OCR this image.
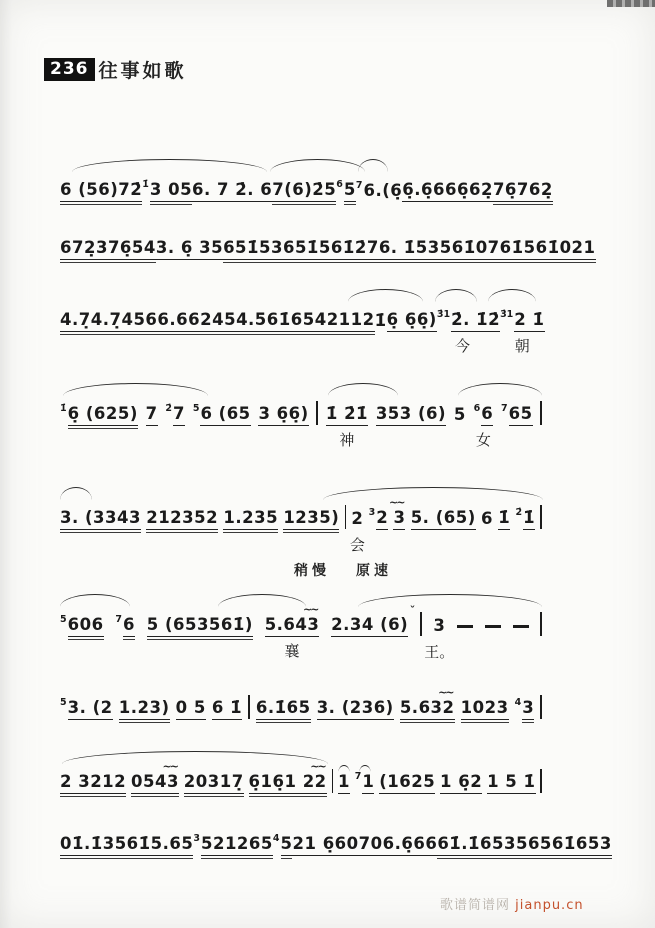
236 往事如歌
稍慢 原速
6 (56)72̇ $^{1̇}$3 05 6. 7 2̇. 6 7(6)2̇5 $^6$5 $^7$6.(6̣ 6̣.6̣66 6̣62̣ 76̣762̣
672̣3 76̣54 3. 6̣ 35 651̇53 651̇56 1̇2̇76. 1̇ 53561̇07 61̇561̇021
4.7̣4.7̣45 66.66245 4.561̇654 2112 1̇ 6̣ 6̣6̣) $^{3̇1}$2̇. 1̇
今
2̇ $^{3̇1}$2 1̇
朝
$^{1̇}$6̣ (625) 7 $^{2̇}$7 $^5$6 (65 3 6̣6̣) 1̇ 2̇1̇
神
353 (6) 5 $^6$6
女
$^7$65
3. (3343 212352 1.235 1235) 2
会
$^3$2 3
~~
5. (65) 6 1̇ $^{2̇}$1̇
$^5$606 $^7$6 5 (653561̇) 5.643
~~
襄
2.34 (6)
ˇ
3
王。
$^5$3. (2 1.23) 0 5 6 1̇ 6.1̇65 3. (236) 5.632
~~
1023 $^4$3
2 3212 0543
~~
20317̣ 6̣16̣1 22
~~
1 $^7$1 (1625 1 6̣2 1 5 1̇
01̇.1̇3561̇ 5.65 $^3$5 21265 $^4$5 21 6̣ 6070 6.6̣66 61̇.1̇6535 6561̇653
歌谱简谱网 jianpu.cn
